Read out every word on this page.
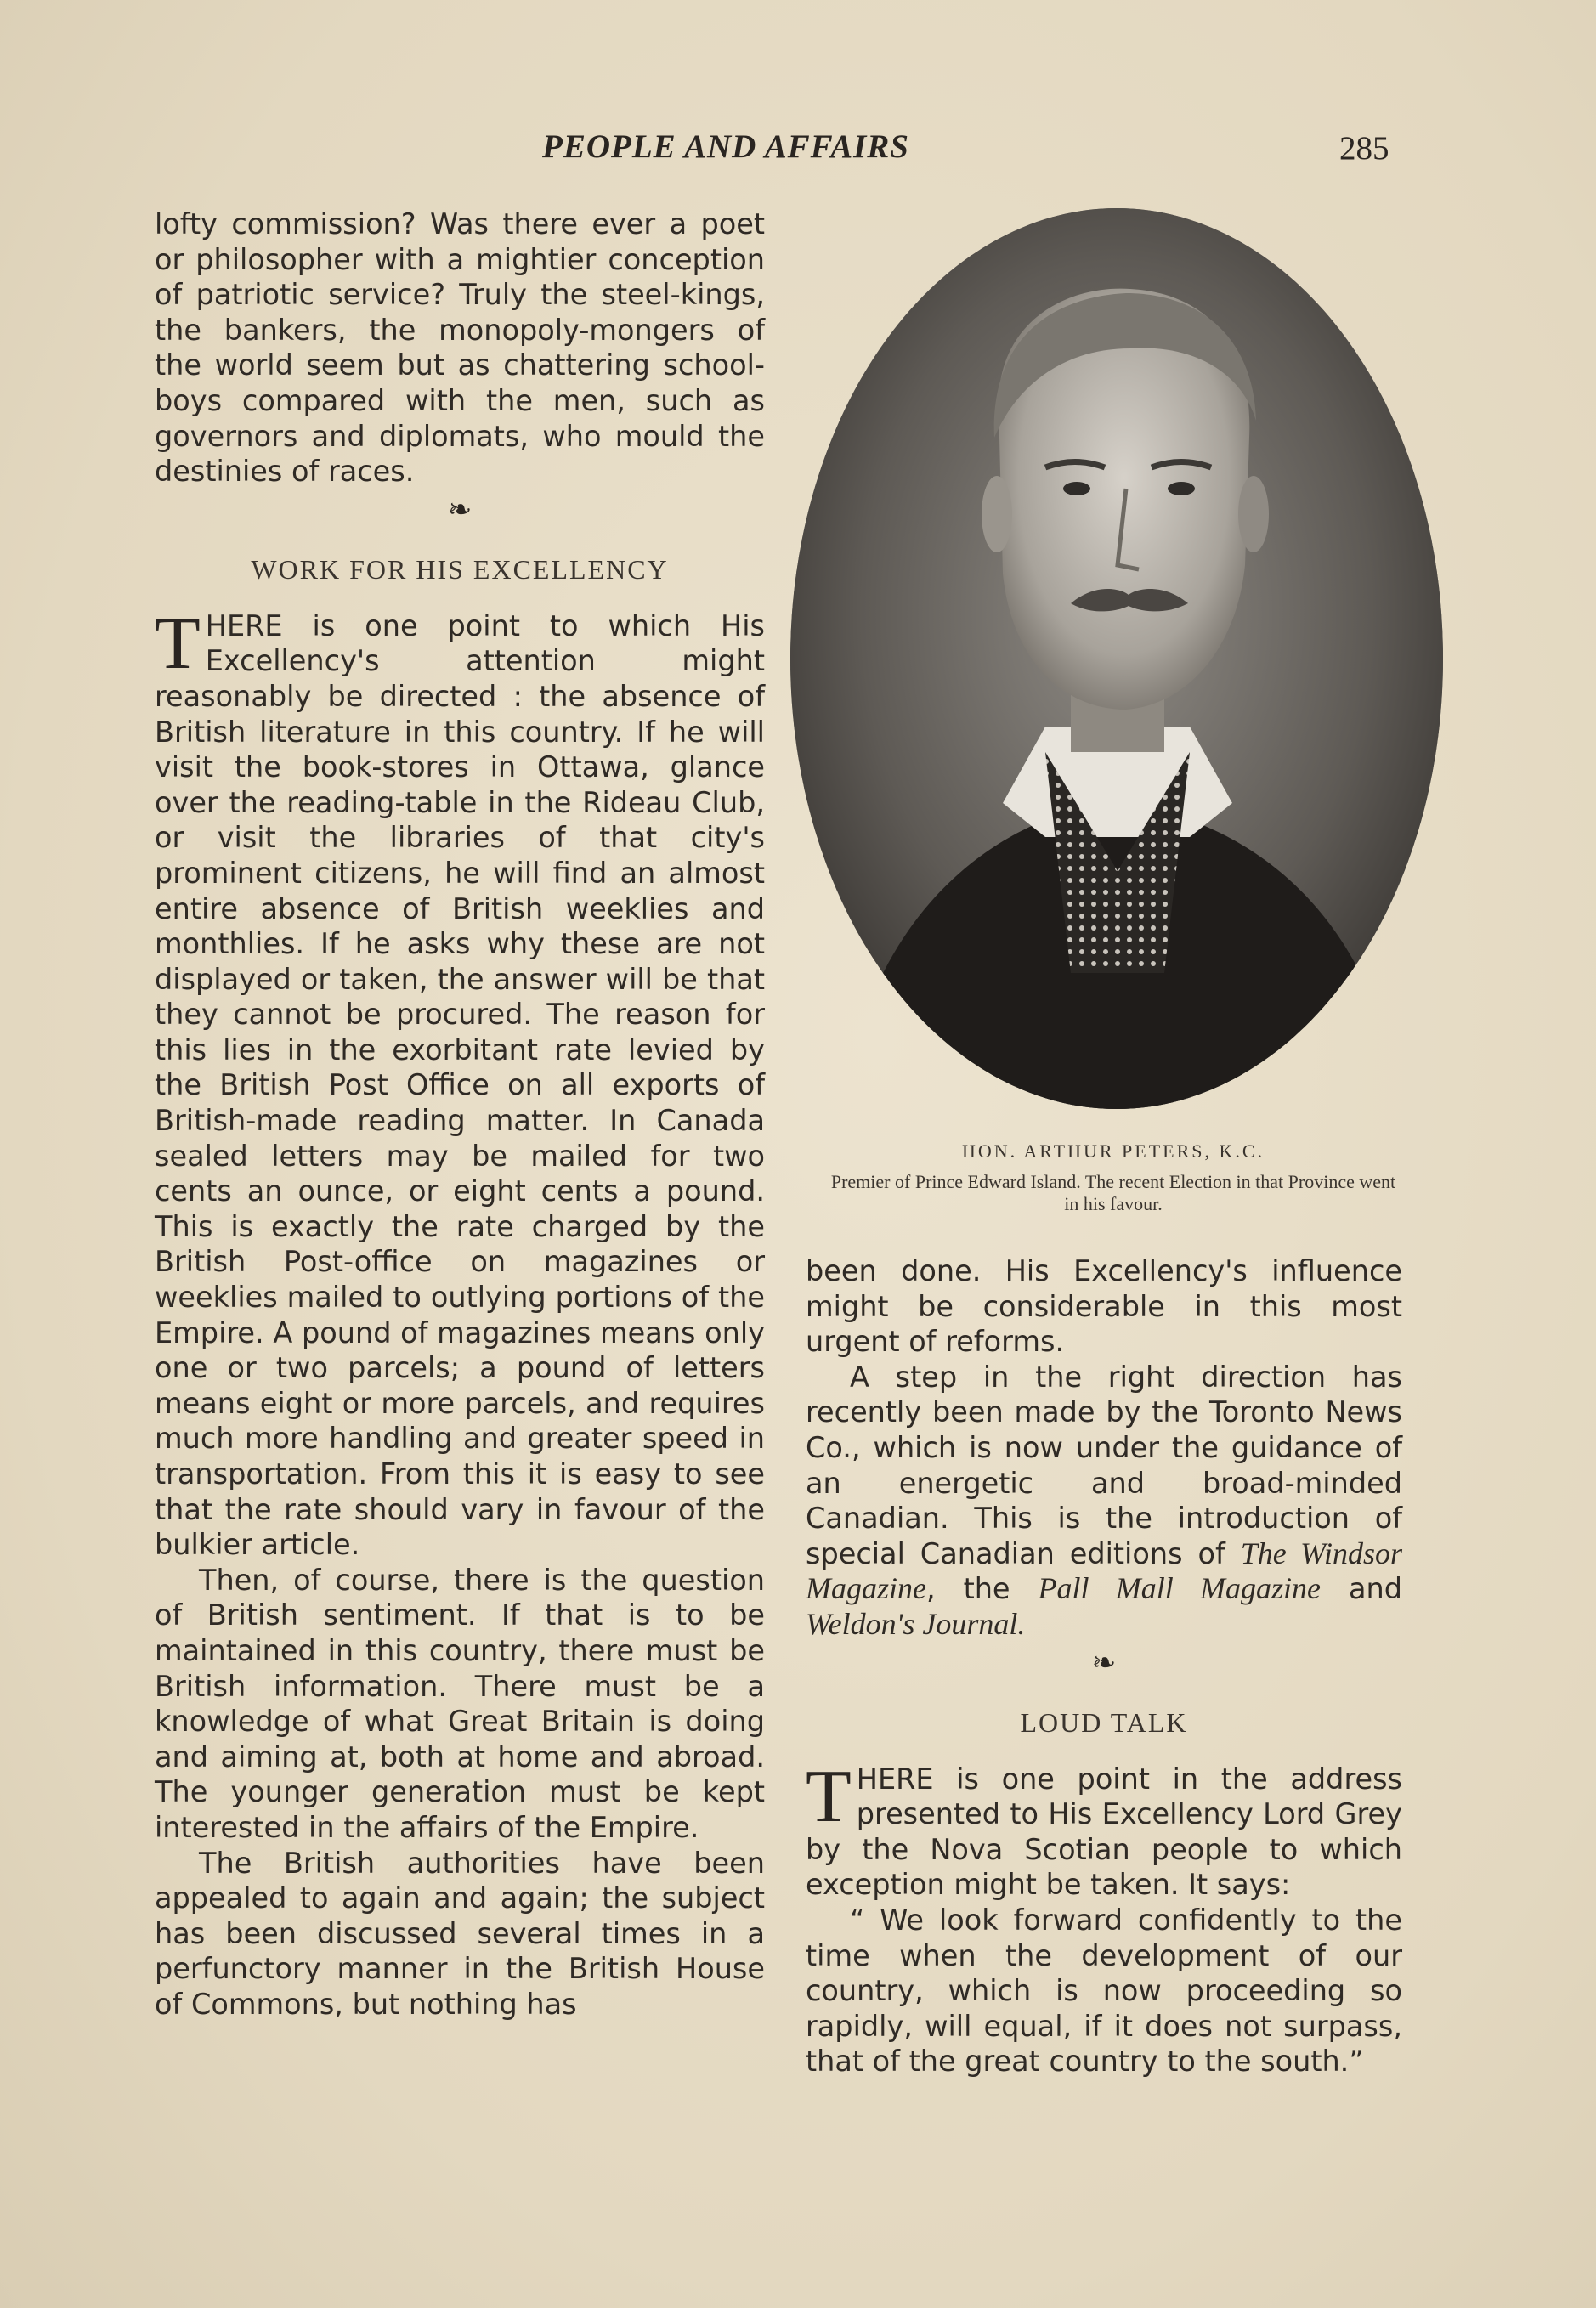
PEOPLE AND AFFAIRS	285

lofty commission? Was there ever a poet or philosopher with a mightier conception of patriotic service? Truly the steel-kings, the bankers, the monopoly-mongers of the world seem but as chattering school-boys compared with the men, such as governors and diplomats, who mould the destinies of races.

❧
WORK FOR HIS EXCELLENCY

THERE is one point to which His Excellency's attention might reasonably be directed : the absence of British literature in this country. If he will visit the book-stores in Ottawa, glance over the reading-table in the Rideau Club, or visit the libraries of that city's prominent citizens, he will find an almost entire absence of British weeklies and monthlies. If he asks why these are not displayed or taken, the answer will be that they cannot be procured. The reason for this lies in the exorbitant rate levied by the British Post Office on all exports of British-made reading matter. In Canada sealed letters may be mailed for two cents an ounce, or eight cents a pound. This is exactly the rate charged by the British Post-office on magazines or weeklies mailed to outlying portions of the Empire. A pound of magazines means only one or two parcels; a pound of letters means eight or more parcels, and requires much more handling and greater speed in transportation. From this it is easy to see that the rate should vary in favour of the bulkier article.

Then, of course, there is the question of British sentiment. If that is to be maintained in this country, there must be British information. There must be a knowledge of what Great Britain is doing and aiming at, both at home and abroad. The younger generation must be kept interested in the affairs of the Empire.

The British authorities have been appealed to again and again; the subject has been discussed several times in a perfunctory manner in the British House of Commons, but nothing has

HON. ARTHUR PETERS, K.C.
Premier of Prince Edward Island. The recent Election in that Province went in his favour.

been done. His Excellency's influence might be considerable in this most urgent of reforms.

A step in the right direction has recently been made by the Toronto News Co., which is now under the guidance of an energetic and broad-minded Canadian. This is the introduction of special Canadian editions of The Windsor Magazine, the Pall Mall Magazine and Weldon's Journal.

❧
LOUD TALK

THERE is one point in the address presented to His Excellency Lord Grey by the Nova Scotian people to which exception might be taken. It says:

“ We look forward confidently to the time when the development of our country, which is now proceeding so rapidly, will equal, if it does not surpass, that of the great country to the south.”
